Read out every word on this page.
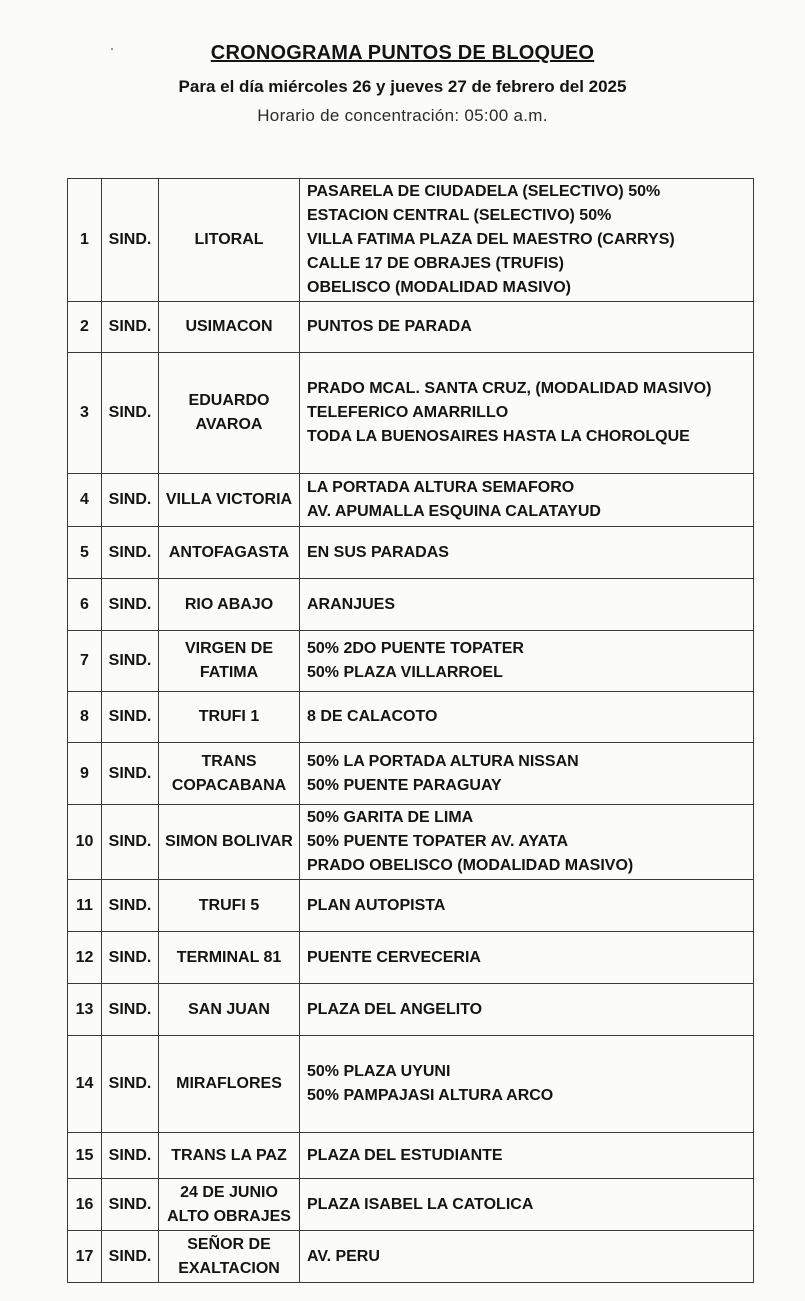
CRONOGRAMA PUNTOS DE BLOQUEO
Para el día miércoles 26 y jueves 27 de febrero del 2025
Horario de concentración: 05:00 a.m.
1	SIND.	LITORAL	PASARELA DE CIUDADELA (SELECTIVO) 50%
ESTACION CENTRAL (SELECTIVO) 50%
VILLA FATIMA PLAZA DEL MAESTRO (CARRYS)
CALLE 17 DE OBRAJES (TRUFIS)
OBELISCO (MODALIDAD MASIVO)

2	SIND.	USIMACON	PUNTOS DE PARADA

3	SIND.	EDUARDO AVAROA	PRADO MCAL. SANTA CRUZ, (MODALIDAD MASIVO)
TELEFERICO AMARRILLO
TODA LA BUENOSAIRES HASTA LA CHOROLQUE

4	SIND.	VILLA VICTORIA	LA PORTADA ALTURA SEMAFORO
AV. APUMALLA ESQUINA CALATAYUD

5	SIND.	ANTOFAGASTA	EN SUS PARADAS

6	SIND.	RIO ABAJO	ARANJUES

7	SIND.	VIRGEN DE FATIMA	50% 2DO PUENTE TOPATER
50% PLAZA VILLARROEL

8	SIND.	TRUFI 1	8 DE CALACOTO

9	SIND.	TRANS COPACABANA	50% LA PORTADA ALTURA NISSAN
50% PUENTE PARAGUAY

10	SIND.	SIMON BOLIVAR	50% GARITA DE LIMA
50% PUENTE TOPATER AV. AYATA
PRADO OBELISCO (MODALIDAD MASIVO)

11	SIND.	TRUFI 5	PLAN AUTOPISTA

12	SIND.	TERMINAL 81	PUENTE CERVECERIA

13	SIND.	SAN JUAN	PLAZA DEL ANGELITO

14	SIND.	MIRAFLORES	50% PLAZA UYUNI
50% PAMPAJASI ALTURA ARCO

15	SIND.	TRANS LA PAZ	PLAZA DEL ESTUDIANTE

16	SIND.	24 DE JUNIO ALTO OBRAJES	PLAZA ISABEL LA CATOLICA

17	SIND.	SEÑOR DE EXALTACION	AV. PERU
